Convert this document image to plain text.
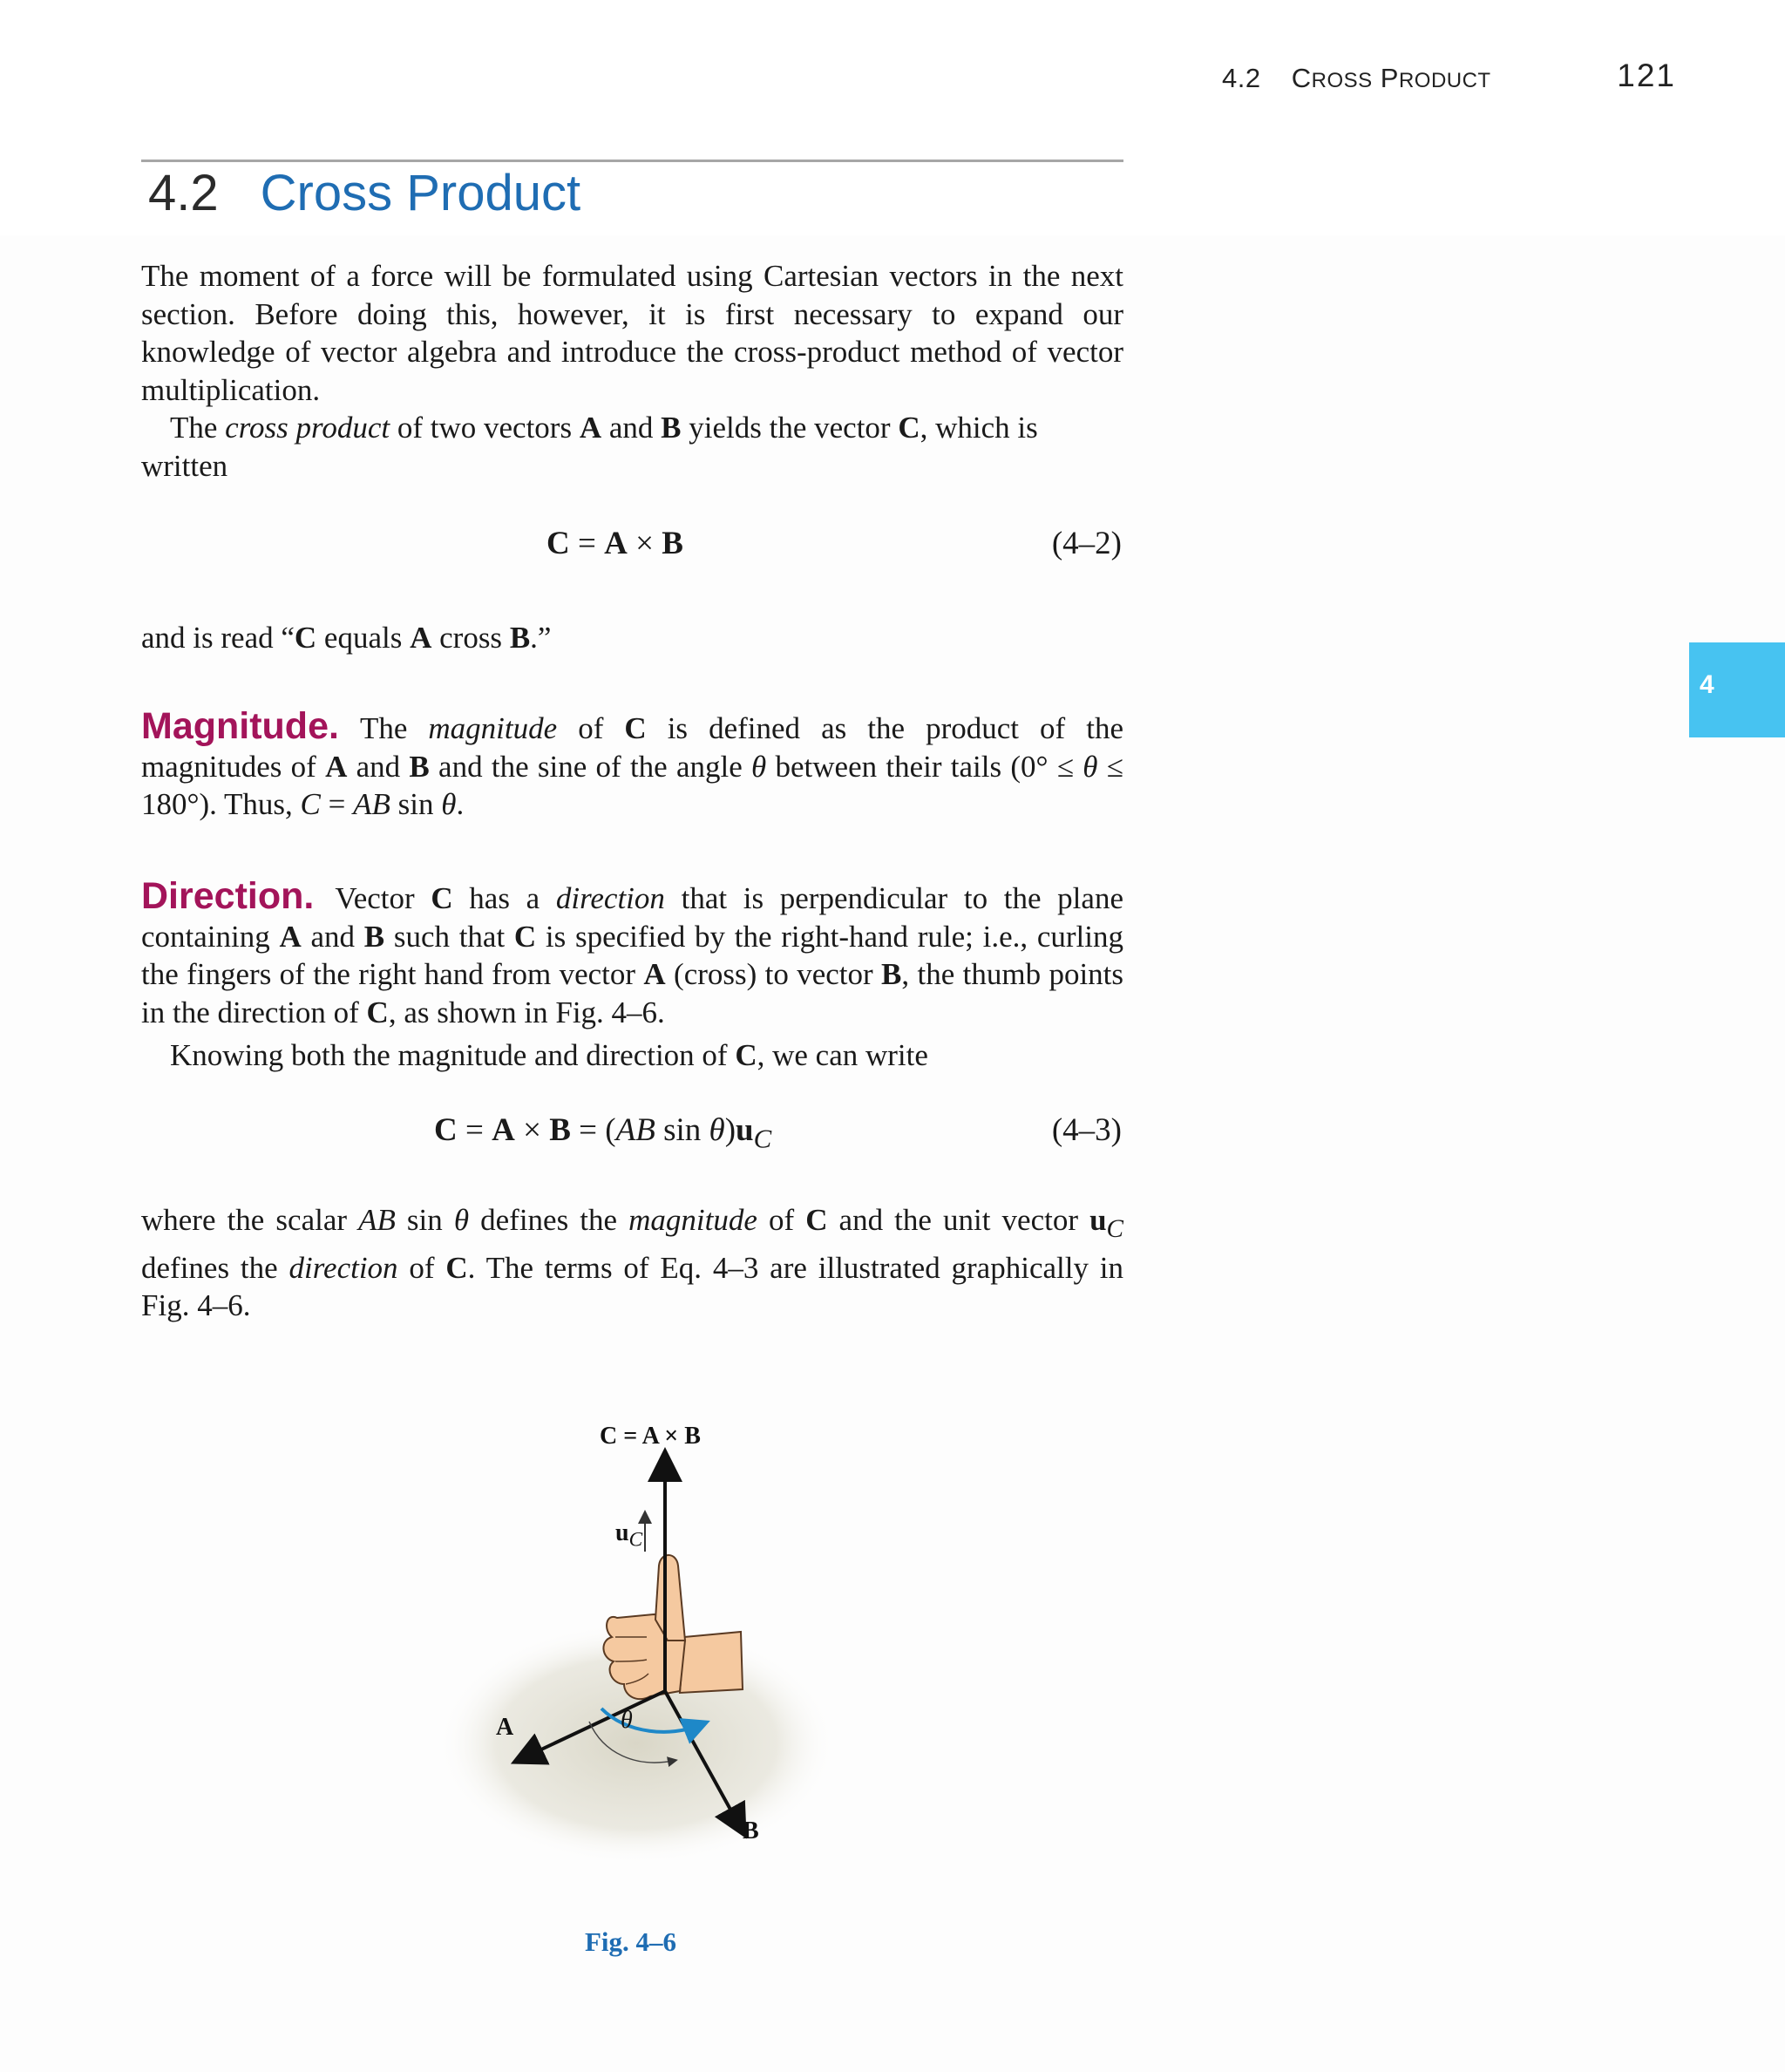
4.2 CROSS PRODUCT	121
4.2 Cross Product
4
The moment of a force will be formulated using Cartesian vectors in the next section. Before doing this, however, it is first necessary to expand our knowledge of vector algebra and introduce the cross-product method of vector multiplication.
The cross product of two vectors A and B yields the vector C, which is written
C = A × B	(4–2)
and is read “C equals A cross B.”
Magnitude. The magnitude of C is defined as the product of the magnitudes of A and B and the sine of the angle θ between their tails (0° ≤ θ ≤ 180°). Thus, C = AB sin θ.
Direction. Vector C has a direction that is perpendicular to the plane containing A and B such that C is specified by the right-hand rule; i.e., curling the fingers of the right hand from vector A (cross) to vector B, the thumb points in the direction of C, as shown in Fig. 4–6.
Knowing both the magnitude and direction of C, we can write
C = A × B = (AB $\sin \theta)u_C$	(4–3)
where the scalar AB sin θ defines the magnitude of C and the unit vector $u_C$ defines the direction of C. The terms of Eq. 4–3 are illustrated graphically in Fig. 4–6.
C = A × B
$u_C$
A
B
θ
Fig. 4–6
